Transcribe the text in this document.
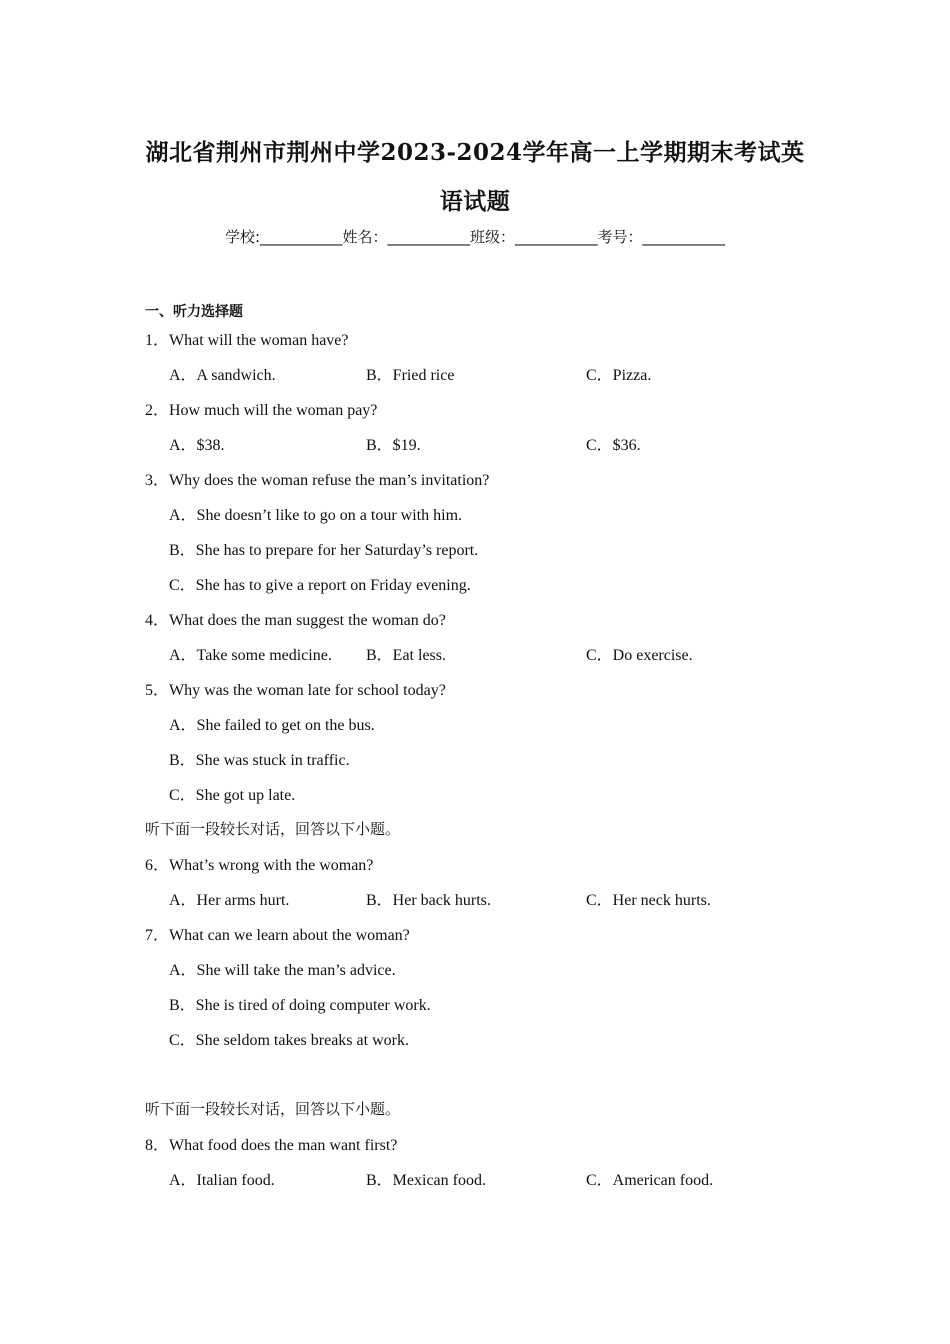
湖北省荆州市荆州中学2023-2024学年高一上学期期末考试英
语试题
学校:___________姓名：___________班级：___________考号：___________
一、听力选择题
1．What will the woman have?
A．A sandwich.	B．Fried rice	C．Pizza.
2．How much will the woman pay?
A．$38.	B．$19.	C．$36.
3．Why does the woman refuse the man’s invitation?
A．She doesn’t like to go on a tour with him.
B．She has to prepare for her Saturday’s report.
C．She has to give a report on Friday evening.
4．What does the man suggest the woman do?
A．Take some medicine. B．Eat less.	C．Do exercise.
5．Why was the woman late for school today?
A．She failed to get on the bus.
B．She was stuck in traffic.
C．She got up late.
听下面一段较长对话，回答以下小题。
6．What’s wrong with the woman?
A．Her arms hurt.	B．Her back hurts.	C．Her neck hurts.
7．What can we learn about the woman?
A．She will take the man’s advice.
B．She is tired of doing computer work.
C．She seldom takes breaks at work.
听下面一段较长对话，回答以下小题。
8．What food does the man want first?
A．Italian food.	B．Mexican food.	C．American food.
